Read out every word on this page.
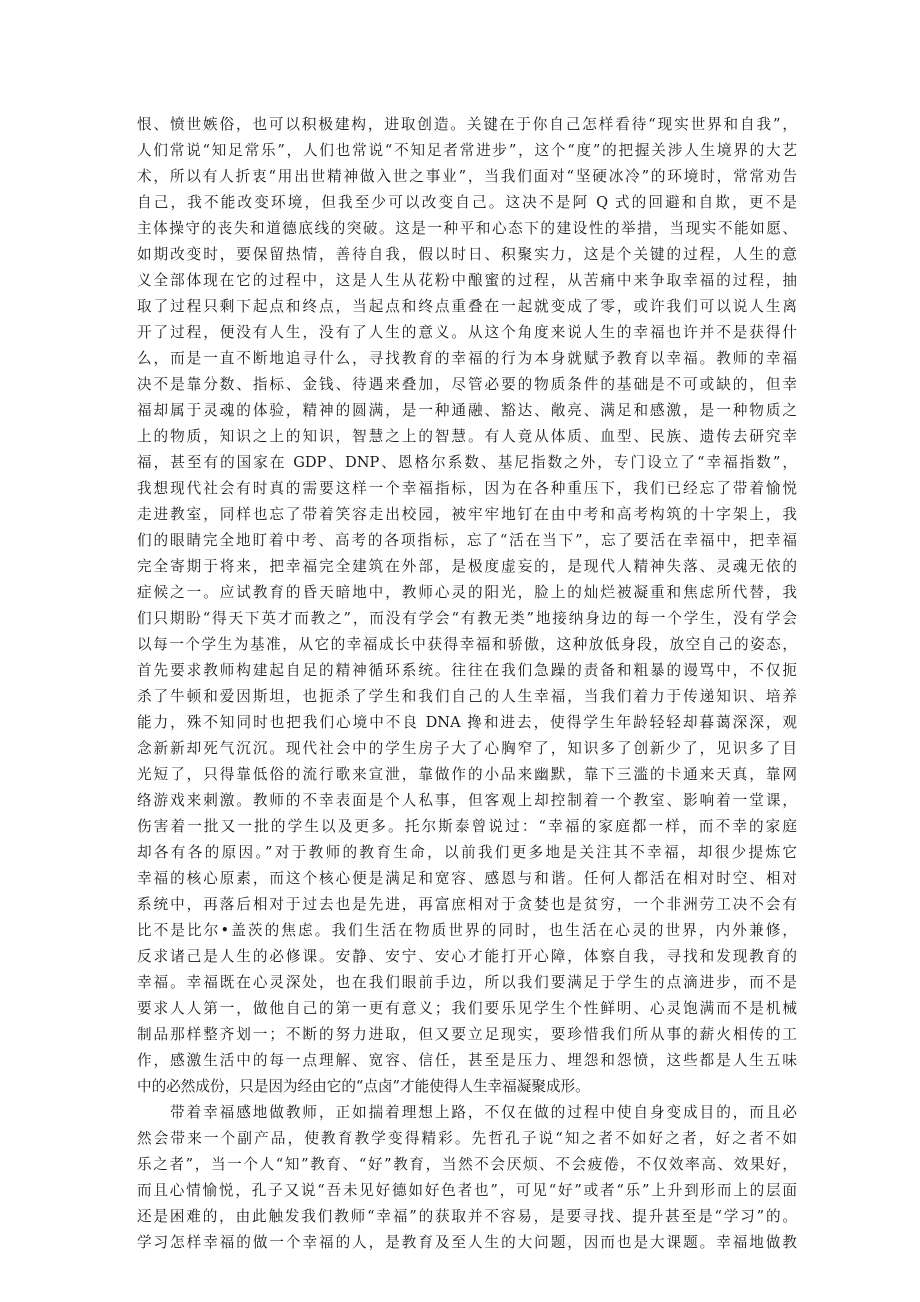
恨、愤世嫉俗，也可以积极建构，进取创造。关键在于你自己怎样看待“现实世界和自我”，
人们常说“知足常乐”，人们也常说“不知足者常进步”，这个“度”的把握关涉人生境界的大艺
术，所以有人折衷“用出世精神做入世之事业”，当我们面对“坚硬冰冷”的环境时，常常劝告
自己，我不能改变环境，但我至少可以改变自己。这决不是阿 Q 式的回避和自欺，更不是
主体操守的丧失和道德底线的突破。这是一种平和心态下的建设性的举措，当现实不能如愿、
如期改变时，要保留热情，善待自我，假以时日、积聚实力，这是个关键的过程，人生的意
义全部体现在它的过程中，这是人生从花粉中酿蜜的过程，从苦痛中来争取幸福的过程，抽
取了过程只剩下起点和终点，当起点和终点重叠在一起就变成了零，或许我们可以说人生离
开了过程，便没有人生，没有了人生的意义。从这个角度来说人生的幸福也许并不是获得什
么，而是一直不断地追寻什么，寻找教育的幸福的行为本身就赋予教育以幸福。教师的幸福
决不是靠分数、指标、金钱、待遇来叠加，尽管必要的物质条件的基础是不可或缺的，但幸
福却属于灵魂的体验，精神的圆满，是一种通融、豁达、敞亮、满足和感激，是一种物质之
上的物质，知识之上的知识，智慧之上的智慧。有人竟从体质、血型、民族、遗传去研究幸
福，甚至有的国家在 GDP、DNP、恩格尔系数、基尼指数之外，专门设立了“幸福指数”，
我想现代社会有时真的需要这样一个幸福指标，因为在各种重压下，我们已经忘了带着愉悦
走进教室，同样也忘了带着笑容走出校园，被牢牢地钉在由中考和高考构筑的十字架上，我
们的眼睛完全地盯着中考、高考的各项指标，忘了“活在当下”，忘了要活在幸福中，把幸福
完全寄期于将来，把幸福完全建筑在外部，是极度虚妄的，是现代人精神失落、灵魂无依的
症候之一。应试教育的昏天暗地中，教师心灵的阳光，脸上的灿烂被凝重和焦虑所代替，我
们只期盼“得天下英才而教之”，而没有学会“有教无类”地接纳身边的每一个学生，没有学会
以每一个学生为基准，从它的幸福成长中获得幸福和骄傲，这种放低身段，放空自己的姿态，
首先要求教师构建起自足的精神循环系统。往往在我们急躁的责备和粗暴的谩骂中，不仅扼
杀了牛顿和爱因斯坦，也扼杀了学生和我们自己的人生幸福，当我们着力于传递知识、培养
能力，殊不知同时也把我们心境中不良 DNA 搀和进去，使得学生年龄轻轻却暮蔼深深，观
念新新却死气沉沉。现代社会中的学生房子大了心胸窄了，知识多了创新少了，见识多了目
光短了，只得靠低俗的流行歌来宣泄，靠做作的小品来幽默，靠下三滥的卡通来天真，靠网
络游戏来刺激。教师的不幸表面是个人私事，但客观上却控制着一个教室、影响着一堂课，
伤害着一批又一批的学生以及更多。托尔斯泰曾说过：“幸福的家庭都一样，而不幸的家庭
却各有各的原因。”对于教师的教育生命，以前我们更多地是关注其不幸福，却很少提炼它
幸福的核心原素，而这个核心便是满足和宽容、感恩与和谐。任何人都活在相对时空、相对
系统中，再落后相对于过去也是先进，再富庶相对于贪婪也是贫穷，一个非洲劳工决不会有
比不是比尔•盖茨的焦虑。我们生活在物质世界的同时，也生活在心灵的世界，内外兼修，
反求诸己是人生的必修课。安静、安宁、安心才能打开心障，体察自我，寻找和发现教育的
幸福。幸福既在心灵深处，也在我们眼前手边，所以我们要满足于学生的点滴进步，而不是
要求人人第一，做他自己的第一更有意义；我们要乐见学生个性鲜明、心灵饱满而不是机械
制品那样整齐划一；不断的努力进取，但又要立足现实，要珍惜我们所从事的薪火相传的工
作，感激生活中的每一点理解、宽容、信任，甚至是压力、埋怨和怨愤，这些都是人生五味
中的必然成份，只是因为经由它的“点卤”才能使得人生幸福凝聚成形。
带着幸福感地做教师，正如揣着理想上路，不仅在做的过程中使自身变成目的，而且必
然会带来一个副产品，使教育教学变得精彩。先哲孔子说“知之者不如好之者，好之者不如
乐之者”，当一个人“知”教育、“好”教育，当然不会厌烦、不会疲倦，不仅效率高、效果好，
而且心情愉悦，孔子又说“吾未见好德如好色者也”，可见“好”或者“乐”上升到形而上的层面
还是困难的，由此触发我们教师“幸福”的获取并不容易，是要寻找、提升甚至是“学习”的。
学习怎样幸福的做一个幸福的人，是教育及至人生的大问题，因而也是大课题。幸福地做教
